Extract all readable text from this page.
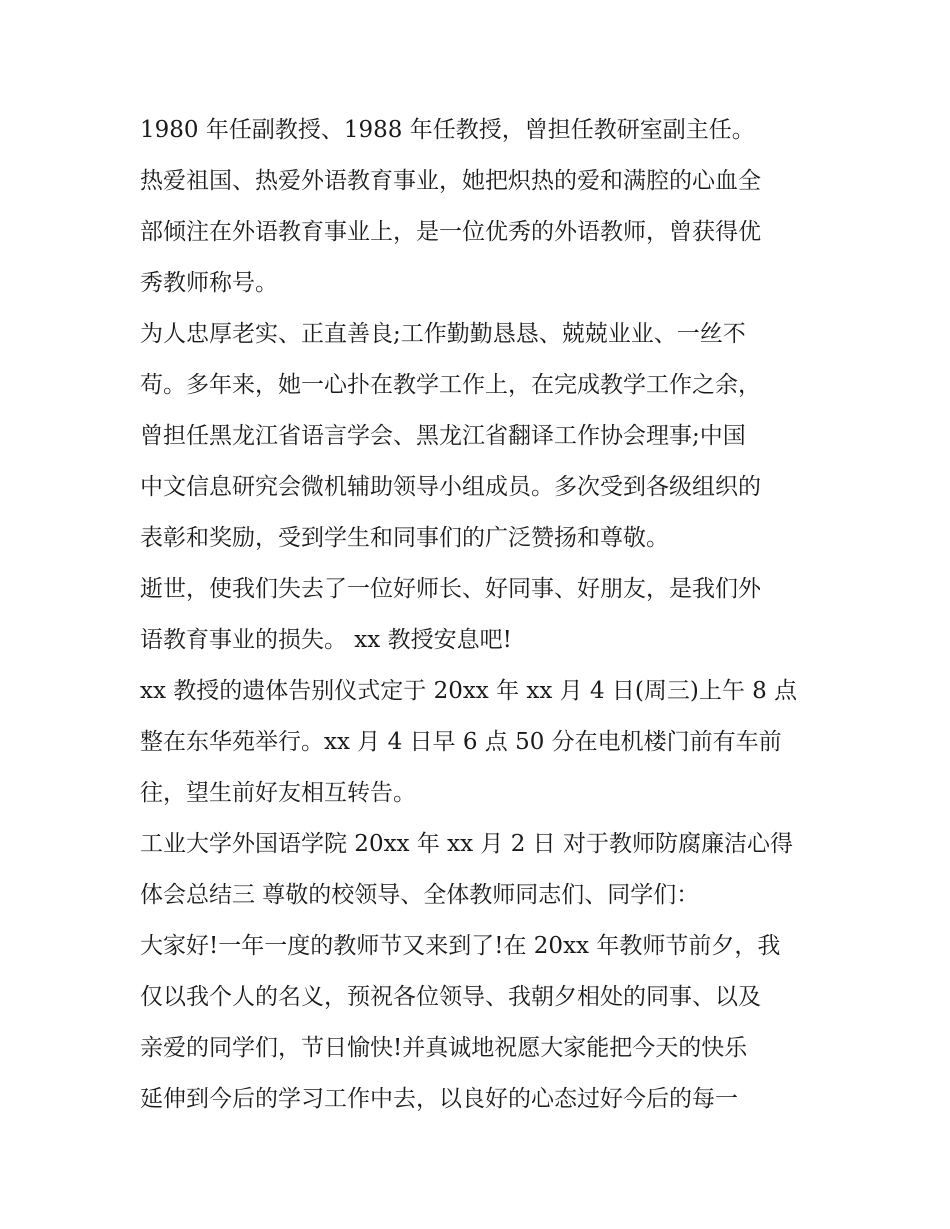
1980 年任副教授、1988 年任教授，曾担任教研室副主任。
热爱祖国、热爱外语教育事业，她把炽热的爱和满腔的心血全
部倾注在外语教育事业上，是一位优秀的外语教师，曾获得优
秀教师称号。
为人忠厚老实、正直善良;工作勤勤恳恳、兢兢业业、一丝不
苟。多年来，她一心扑在教学工作上，在完成教学工作之余，
曾担任黑龙江省语言学会、黑龙江省翻译工作协会理事;中国
中文信息研究会微机辅助领导小组成员。多次受到各级组织的
表彰和奖励，受到学生和同事们的广泛赞扬和尊敬。
逝世，使我们失去了一位好师长、好同事、好朋友，是我们外
语教育事业的损失。 xx 教授安息吧!
xx 教授的遗体告别仪式定于 20xx 年 xx 月 4 日(周三)上午 8 点
整在东华苑举行。xx 月 4 日早 6 点 50 分在电机楼门前有车前
往，望生前好友相互转告。
工业大学外国语学院 20xx 年 xx 月 2 日 对于教师防腐廉洁心得
体会总结三 尊敬的校领导、全体教师同志们、同学们：
大家好!一年一度的教师节又来到了!在 20xx 年教师节前夕，我
仅以我个人的名义，预祝各位领导、我朝夕相处的同事、以及
亲爱的同学们，节日愉快!并真诚地祝愿大家能把今天的快乐
延伸到今后的学习工作中去，以良好的心态过好今后的每一
